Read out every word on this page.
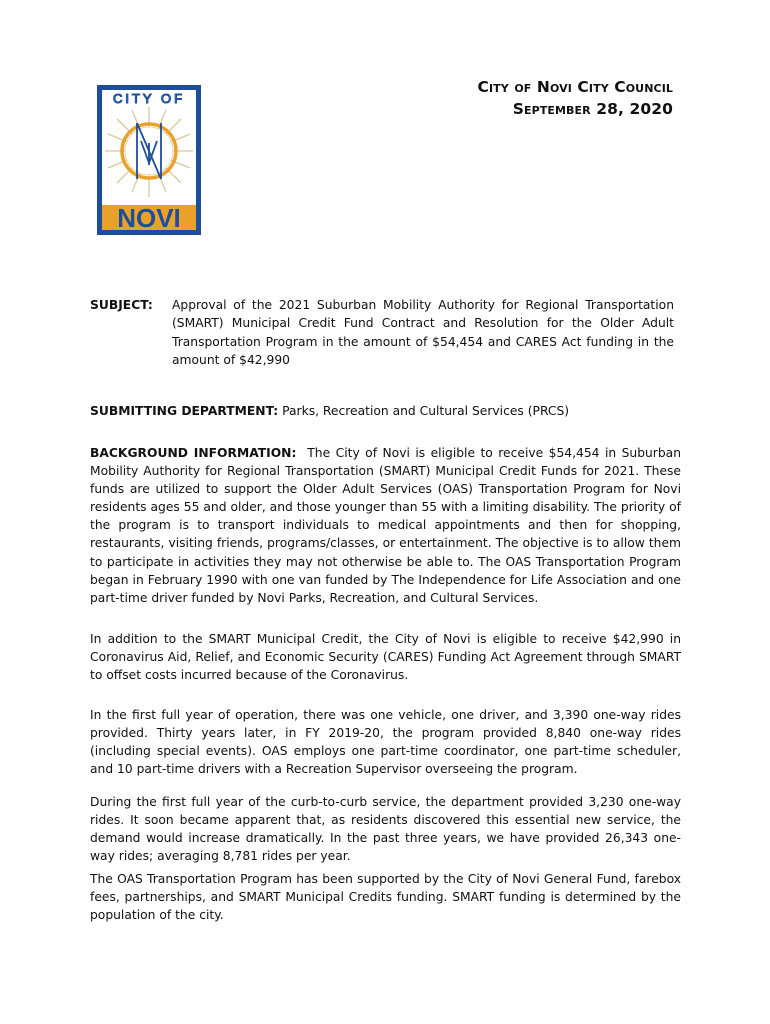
CITY OF
NOVI
City of Novi City Council
September 28, 2020
SUBJECT: Approval of the 2021 Suburban Mobility Authority for Regional Transportation (SMART) Municipal Credit Fund Contract and Resolution for the Older Adult Transportation Program in the amount of $54,454 and CARES Act funding in the amount of $42,990

SUBMITTING DEPARTMENT: Parks, Recreation and Cultural Services (PRCS)

BACKGROUND INFORMATION: The City of Novi is eligible to receive $54,454 in Suburban Mobility Authority for Regional Transportation (SMART) Municipal Credit Funds for 2021. These funds are utilized to support the Older Adult Services (OAS) Transportation Program for Novi residents ages 55 and older, and those younger than 55 with a limiting disability. The priority of the program is to transport individuals to medical appointments and then for shopping, restaurants, visiting friends, programs/classes, or entertainment. The objective is to allow them to participate in activities they may not otherwise be able to. The OAS Transportation Program began in February 1990 with one van funded by The Independence for Life Association and one part-time driver funded by Novi Parks, Recreation, and Cultural Services.

In addition to the SMART Municipal Credit, the City of Novi is eligible to receive $42,990 in Coronavirus Aid, Relief, and Economic Security (CARES) Funding Act Agreement through SMART to offset costs incurred because of the Coronavirus.

In the first full year of operation, there was one vehicle, one driver, and 3,390 one-way rides provided. Thirty years later, in FY 2019-20, the program provided 8,840 one-way rides (including special events). OAS employs one part-time coordinator, one part-time scheduler, and 10 part-time drivers with a Recreation Supervisor overseeing the program.

During the first full year of the curb-to-curb service, the department provided 3,230 one-way rides. It soon became apparent that, as residents discovered this essential new service, the demand would increase dramatically. In the past three years, we have provided 26,343 one-way rides; averaging 8,781 rides per year.

The OAS Transportation Program has been supported by the City of Novi General Fund, farebox fees, partnerships, and SMART Municipal Credits funding. SMART funding is determined by the population of the city.
